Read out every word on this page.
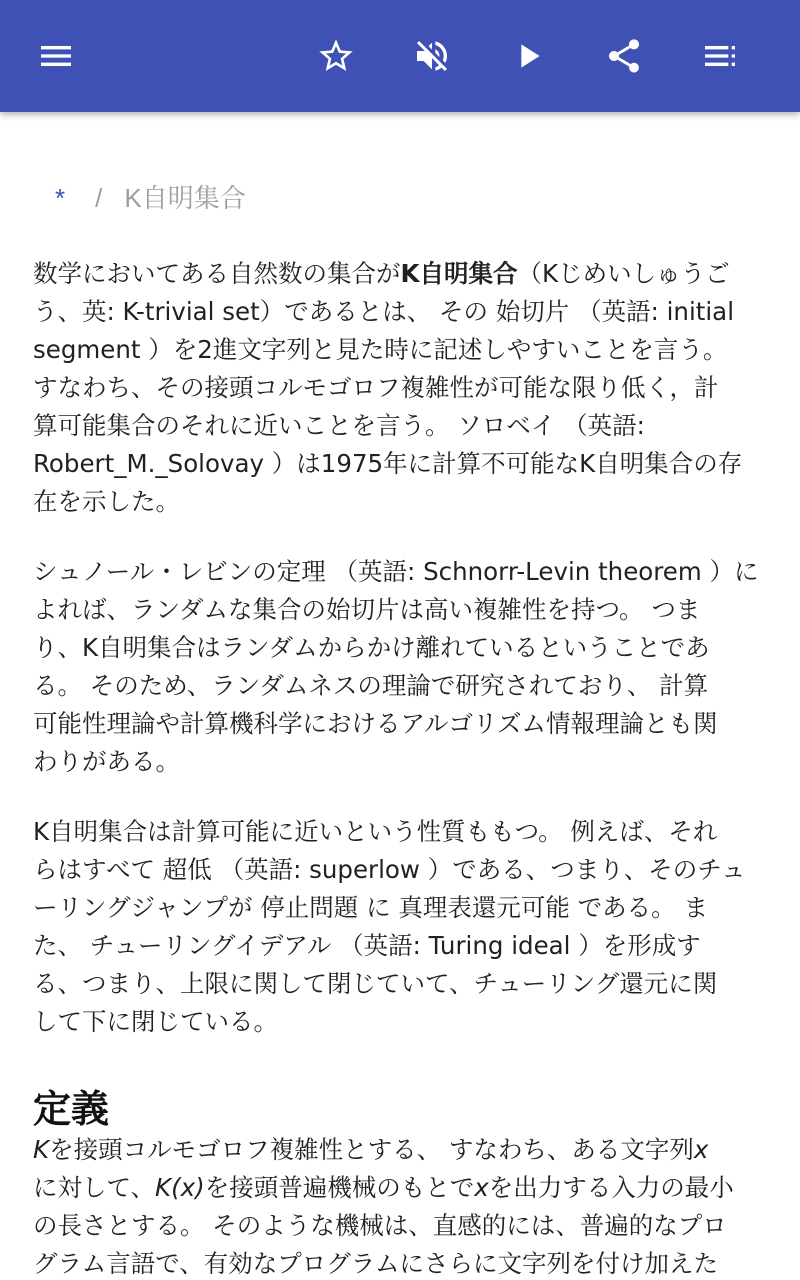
* / K自明集合
数学においてある自然数の集合がK自明集合（Kじめいしゅうご
う、英: K-trivial set）であるとは、 その 始切片 （英語: initial
segment ）を2進文字列と見た時に記述しやすいことを言う。
すなわち、その接頭コルモゴロフ複雑性が可能な限り低く，計
算可能集合のそれに近いことを言う。 ソロベイ （英語:
Robert_M._Solovay ）は1975年に計算不可能なK自明集合の存
在を示した。
シュノール・レビンの定理 （英語: Schnorr-Levin theorem ）に
よれば、ランダムな集合の始切片は高い複雑性を持つ。 つま
り、K自明集合はランダムからかけ離れているということであ
る。 そのため、ランダムネスの理論で研究されており、 計算
可能性理論や計算機科学におけるアルゴリズム情報理論とも関
わりがある。
K自明集合は計算可能に近いという性質ももつ。 例えば、それ
らはすべて 超低 （英語: superlow ）である、つまり、そのチュ
ーリングジャンプが 停止問題 に 真理表還元可能 である。 ま
た、 チューリングイデアル （英語: Turing ideal ）を形成す
る、つまり、上限に関して閉じていて、チューリング還元に関
して下に閉じている。
定義
Kを接頭コルモゴロフ複雑性とする、 すなわち、ある文字列x
に対して、K(x)を接頭普遍機械のもとでxを出力する入力の最小
の長さとする。 そのような機械は、直感的には、普遍的なプロ
グラム言語で、有効なプログラムにさらに文字列を付け加えた
